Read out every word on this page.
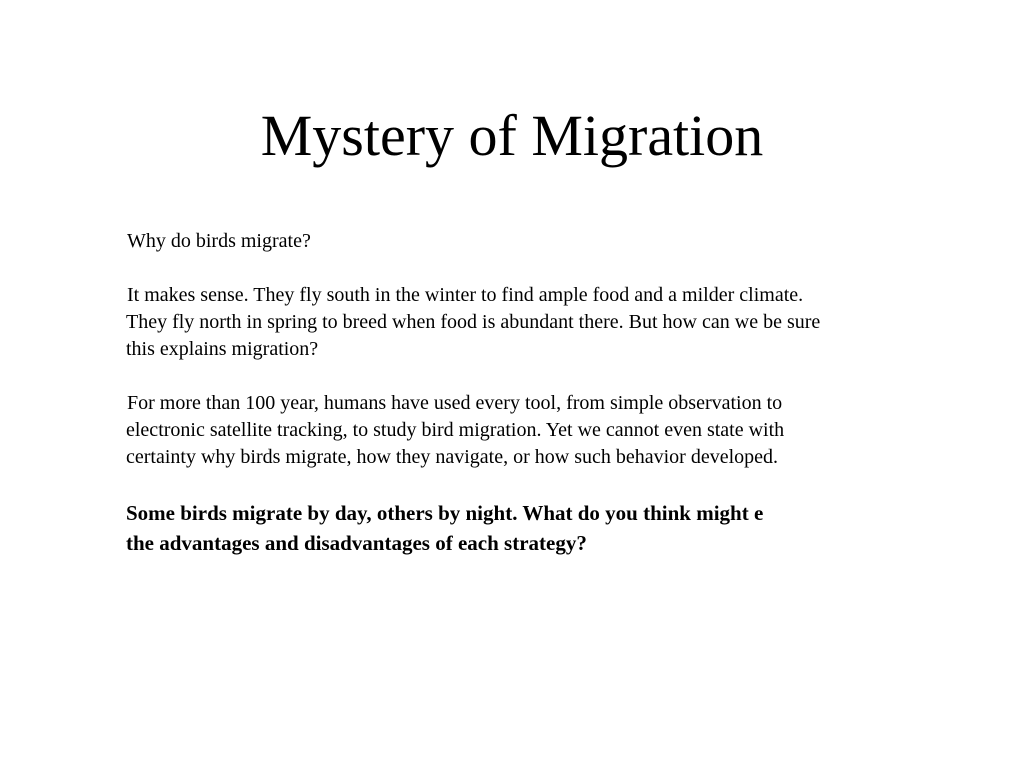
Mystery of Migration

Why do birds migrate?

It makes sense. They fly south in the winter to find ample food and a milder climate.
They fly north in spring to breed when food is abundant there. But how can we be sure
this explains migration?

For more than 100 year, humans have used every tool, from simple observation to
electronic satellite tracking, to study bird migration. Yet we cannot even state with
certainty why birds migrate, how they navigate, or how such behavior developed.

Some birds migrate by day, others by night. What do you think might e
the advantages and disadvantages of each strategy?
